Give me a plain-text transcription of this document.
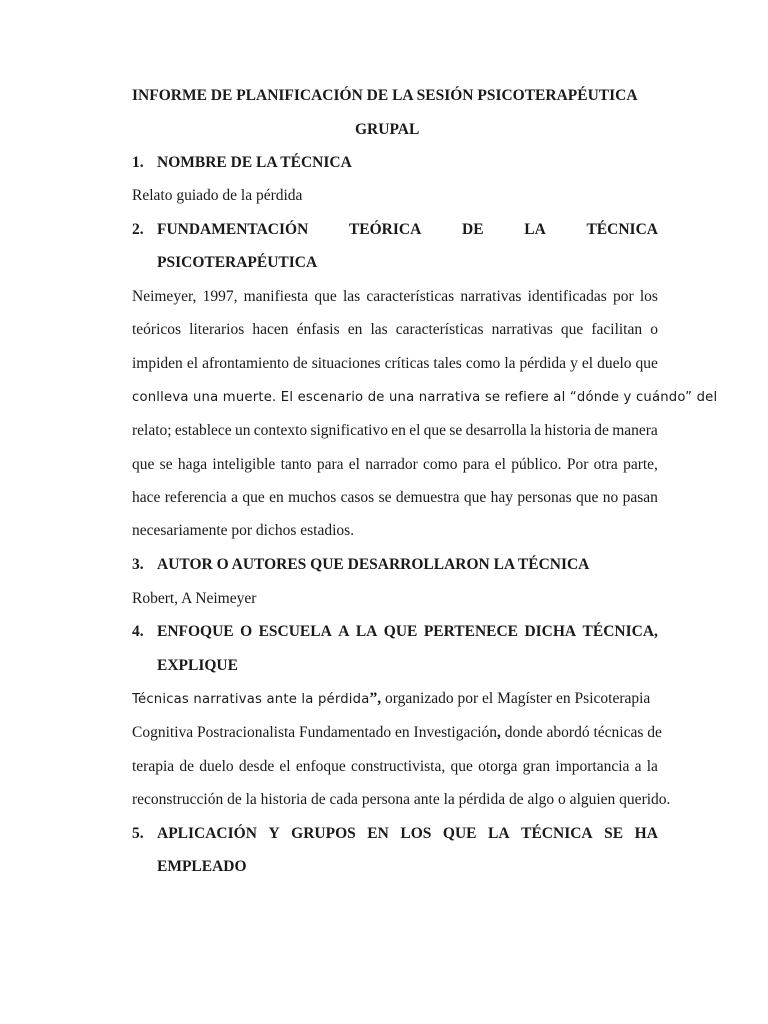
INFORME DE PLANIFICACIÓN DE LA SESIÓN PSICOTERAPÉUTICA
GRUPAL
1. NOMBRE DE LA TÉCNICA
Relato guiado de la pérdida
2. FUNDAMENTACIÓN	TEÓRICA	DE	LA	TÉCNICA
PSICOTERAPÉUTICA
Neimeyer, 1997, manifiesta que las características narrativas identificadas por los
teóricos literarios hacen énfasis en las características narrativas que facilitan o
impiden el afrontamiento de situaciones críticas tales como la pérdida y el duelo que
conlleva una muerte. El escenario de una narrativa se refiere al “dónde y cuándo” del
relato; establece un contexto significativo en el que se desarrolla la historia de manera
que se haga inteligible tanto para el narrador como para el público. Por otra parte,
hace referencia a que en muchos casos se demuestra que hay personas que no pasan
necesariamente por dichos estadios.
3. AUTOR O AUTORES QUE DESARROLLARON LA TÉCNICA
Robert, A Neimeyer
4. ENFOQUE O ESCUELA A LA QUE PERTENECE DICHA TÉCNICA,
EXPLIQUE
Técnicas narrativas ante la pérdida”, organizado por el Magíster en Psicoterapia
Cognitiva Postracionalista Fundamentado en Investigación, donde abordó técnicas de
terapia de duelo desde el enfoque constructivista, que otorga gran importancia a la
reconstrucción de la historia de cada persona ante la pérdida de algo o alguien querido.
5. APLICACIÓN Y GRUPOS EN LOS QUE LA TÉCNICA SE HA
EMPLEADO
